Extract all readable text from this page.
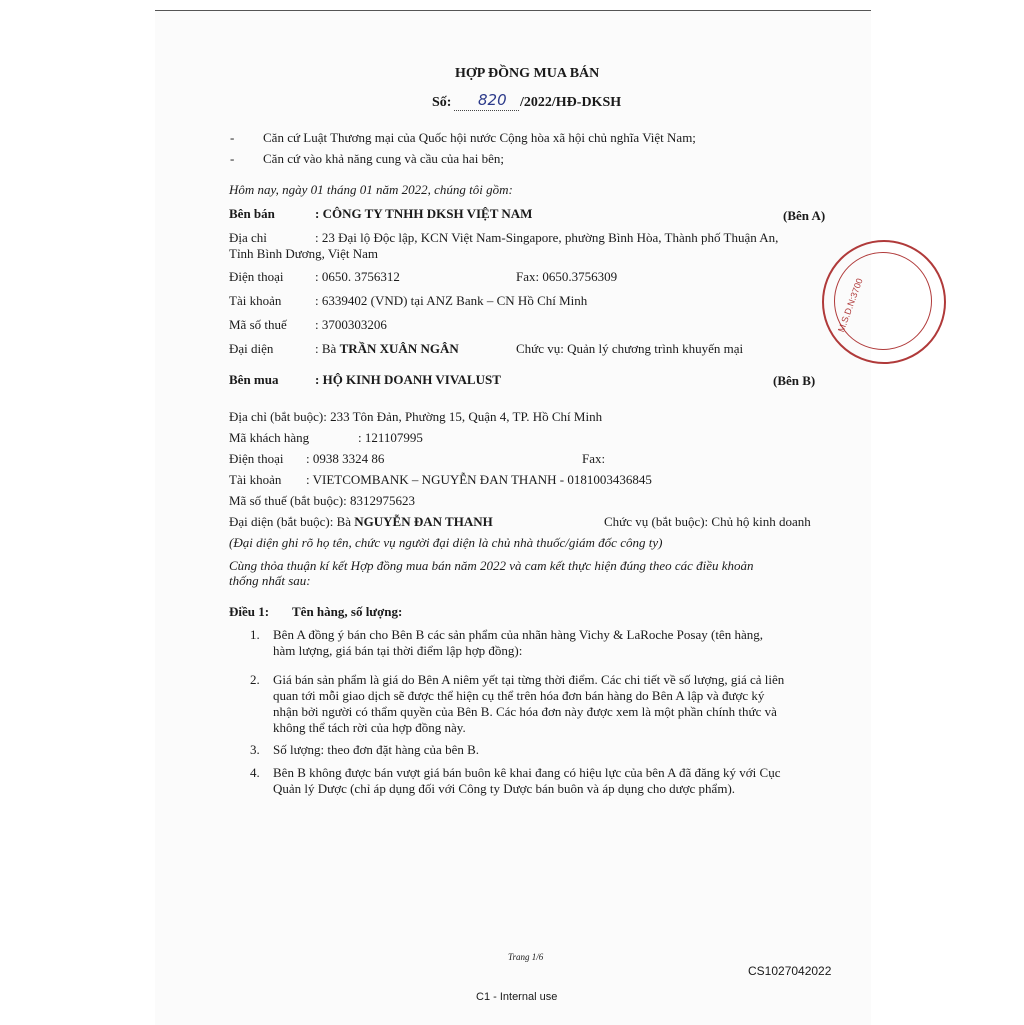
M.S.D.N:3700
HỢP ĐỒNG MUA BÁN
Số: 820 /2022/HĐ-DKSH
- Căn cứ Luật Thương mại của Quốc hội nước Cộng hòa xã hội chủ nghĩa Việt Nam;
- Căn cứ vào khả năng cung và cầu của hai bên;
Hôm nay, ngày 01 tháng 01 năm 2022, chúng tôi gồm:
Bên bán	: CÔNG TY TNHH DKSH VIỆT NAM	(Bên A)
Địa chỉ	: 23 Đại lộ Độc lập, KCN Việt Nam-Singapore, phường Bình Hòa, Thành phố Thuận An,
Tỉnh Bình Dương, Việt Nam
Điện thoại : 0650. 3756312	Fax: 0650.3756309
Tài khoản	: 6339402 (VND) tại ANZ Bank – CN Hồ Chí Minh
Mã số thuế : 3700303206
Đại diện	: Bà TRẦN XUÂN NGÂN	Chức vụ: Quản lý chương trình khuyến mại
Bên mua	: HỘ KINH DOANH VIVALUST	(Bên B)
Địa chỉ (bắt buộc): 233 Tôn Đản, Phường 15, Quận 4, TP. Hồ Chí Minh
Mã khách hàng	: 121107995
Điện thoại : 0938 3324 86	Fax:
Tài khoản : VIETCOMBANK – NGUYỄN ĐAN THANH - 0181003436845
Mã số thuế (bắt buộc): 8312975623
Đại diện (bắt buộc): Bà NGUYỄN ĐAN THANH	Chức vụ (bắt buộc): Chủ hộ kinh doanh
(Đại diện ghi rõ họ tên, chức vụ người đại diện là chủ nhà thuốc/giám đốc công ty)
Cùng thỏa thuận kí kết Hợp đồng mua bán năm 2022 và cam kết thực hiện đúng theo các điều khoản
thống nhất sau:
Điều 1: Tên hàng, số lượng:
1. Bên A đồng ý bán cho Bên B các sản phẩm của nhãn hàng Vichy & LaRoche Posay (tên hàng,
hàm lượng, giá bán tại thời điểm lập hợp đồng):
2. Giá bán sản phẩm là giá do Bên A niêm yết tại từng thời điểm. Các chi tiết về số lượng, giá cả liên
quan tới mỗi giao dịch sẽ được thể hiện cụ thể trên hóa đơn bán hàng do Bên A lập và được ký
nhận bởi người có thẩm quyền của Bên B. Các hóa đơn này được xem là một phần chính thức và
không thể tách rời của hợp đồng này.
3. Số lượng: theo đơn đặt hàng của bên B.
4. Bên B không được bán vượt giá bán buôn kê khai đang có hiệu lực của bên A đã đăng ký với Cục
Quản lý Dược (chỉ áp dụng đối với Công ty Dược bán buôn và áp dụng cho dược phẩm).
Trang 1/6
CS1027042022
C1 - Internal use
